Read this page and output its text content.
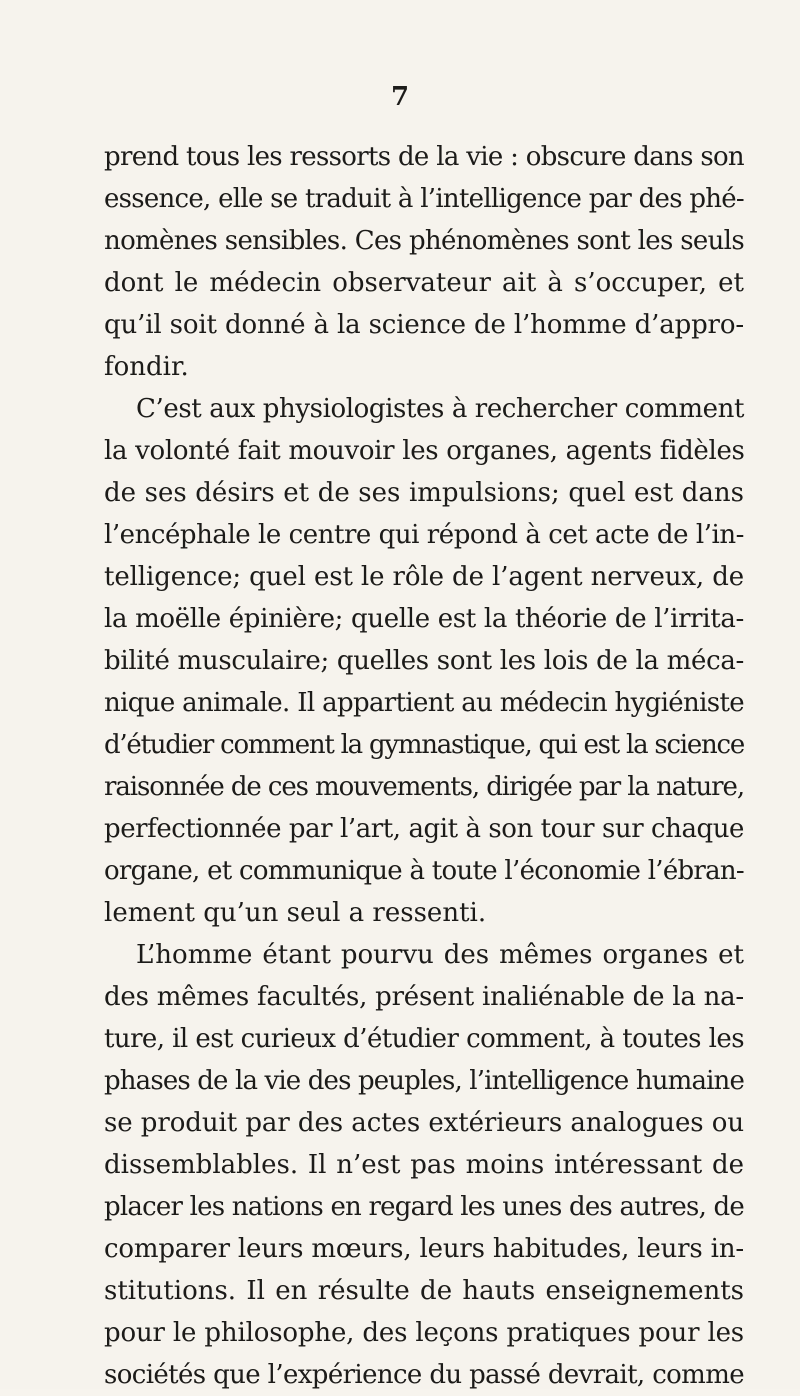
7
prend tous les ressorts de la vie : obscure dans son
essence, elle se traduit à l’intelligence par des phé-
nomènes sensibles. Ces phénomènes sont les seuls
dont le médecin observateur ait à s’occuper, et
qu’il soit donné à la science de l’homme d’appro-
fondir.
C’est aux physiologistes à rechercher comment
la volonté fait mouvoir les organes, agents fidèles
de ses désirs et de ses impulsions; quel est dans
l’encéphale le centre qui répond à cet acte de l’in-
telligence; quel est le rôle de l’agent nerveux, de
la moëlle épinière; quelle est la théorie de l’irrita-
bilité musculaire; quelles sont les lois de la méca-
nique animale. Il appartient au médecin hygiéniste
d’étudier comment la gymnastique, qui est la science
raisonnée de ces mouvements, dirigée par la nature,
perfectionnée par l’art, agit à son tour sur chaque
organe, et communique à toute l’économie l’ébran-
lement qu’un seul a ressenti.
L’homme étant pourvu des mêmes organes et
des mêmes facultés, présent inaliénable de la na-
ture, il est curieux d’étudier comment, à toutes les
phases de la vie des peuples, l’intelligence humaine
se produit par des actes extérieurs analogues ou
dissemblables. Il n’est pas moins intéressant de
placer les nations en regard les unes des autres, de
comparer leurs mœurs, leurs habitudes, leurs in-
stitutions. Il en résulte de hauts enseignements
pour le philosophe, des leçons pratiques pour les
sociétés que l’expérience du passé devrait, comme
